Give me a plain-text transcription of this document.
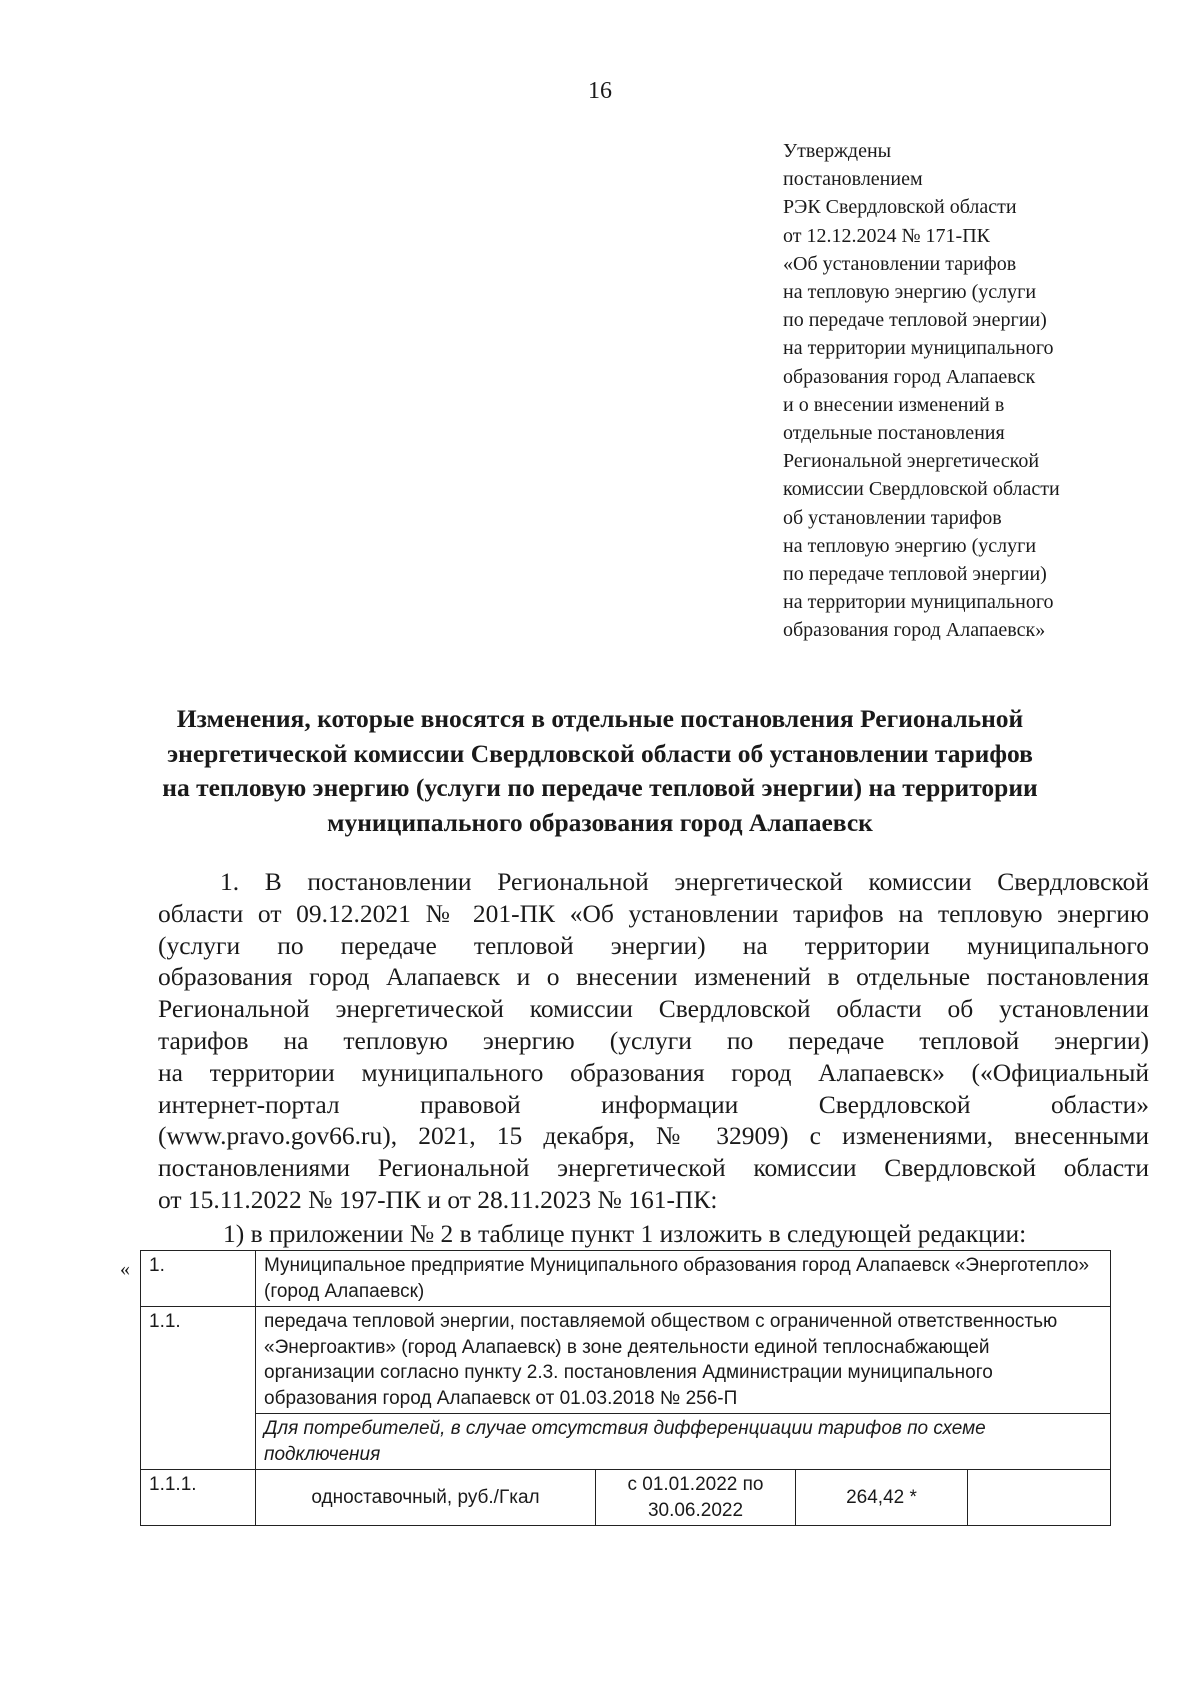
16
Утверждены
постановлением
РЭК Свердловской области
от 12.12.2024 № 171-ПК
«Об установлении тарифов
на тепловую энергию (услуги
по передаче тепловой энергии)
на территории муниципального
образования город Алапаевск
и о внесении изменений в
отдельные постановления
Региональной энергетической
комиссии Свердловской области
об установлении тарифов
на тепловую энергию (услуги
по передаче тепловой энергии)
на территории муниципального
образования город Алапаевск»
Изменения, которые вносятся в отдельные постановления Региональной
энергетической комиссии Свердловской области об установлении тарифов
на тепловую энергию (услуги по передаче тепловой энергии) на территории
муниципального образования город Алапаевск
1. В постановлении Региональной энергетической комиссии Свердловской
области от 09.12.2021 № 201-ПК «Об установлении тарифов на тепловую энергию
(услуги по передаче тепловой энергии) на территории муниципального
образования город Алапаевск и о внесении изменений в отдельные постановления
Региональной энергетической комиссии Свердловской области об установлении
тарифов на тепловую энергию (услуги по передаче тепловой энергии)
на территории муниципального образования город Алапаевск» («Официальный
интернет-портал правовой информации Свердловской области»
(www.pravo.gov66.ru), 2021, 15 декабря, № 32909) с изменениями, внесенными
постановлениями Региональной энергетической комиссии Свердловской области
от 15.11.2022 № 197-ПК и от 28.11.2023 № 161-ПК:
1) в приложении № 2 в таблице пункт 1 изложить в следующей редакции:
« 1.	Муниципальное предприятие Муниципального образования город Алапаевск «Энерготепло» (город Алапаевск)			
1.1.	передача тепловой энергии, поставляемой обществом с ограниченной ответственностью «Энергоактив» (город Алапаевск) в зоне деятельности единой теплоснабжающей организации согласно пункту 2.3. постановления Администрации муниципального образования город Алапаевск от 01.03.2018 № 256-П			
	Для потребителей, в случае отсутствия дифференциации тарифов по схеме подключения			
1.1.1.	одноставочный, руб./Гкал	с 01.01.2022 по 30.06.2022	264,42 *	
